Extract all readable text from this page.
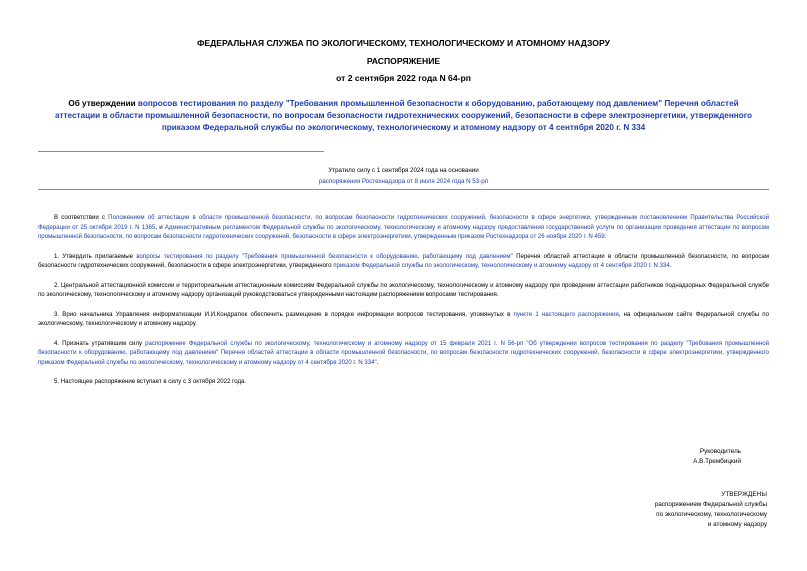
ФЕДЕРАЛЬНАЯ СЛУЖБА ПО ЭКОЛОГИЧЕСКОМУ, ТЕХНОЛОГИЧЕСКОМУ И АТОМНОМУ НАДЗОРУ
РАСПОРЯЖЕНИЕ
от 2 сентября 2022 года N 64-рп
Об утверждении вопросов тестирования по разделу "Требования промышленной безопасности к оборудованию, работающему под давлением" Перечня областей аттестации в области промышленной безопасности, по вопросам безопасности гидротехнических сооружений, безопасности в сфере электроэнергетики, утвержденного приказом Федеральной службы по экологическому, технологическому и атомному надзору от 4 сентября 2020 г. N 334
Утратило силу с 1 сентября 2024 года на основании
распоряжения Ростехнадзора от 8 июля 2024 года N 53-рп

В соответствии с Положением об аттестации в области промышленной безопасности, по вопросам безопасности гидротехнических сооружений, безопасности в сфере энергетики, утвержденным постановлением Правительства Российской Федерации от 25 октября 2019 г. N 1365, и Административным регламентом Федеральной службы по экологическому, технологическому и атомному надзору предоставления государственной услуги по организации проведения аттестации по вопросам промышленной безопасности, по вопросам безопасности гидротехнических сооружений, безопасности в сфере электроэнергетики, утвержденным приказом Ростехнадзора от 26 ноября 2020 г. N 459:

1. Утвердить прилагаемые вопросы тестирования по разделу "Требования промышленной безопасности к оборудованию, работающему под давлением" Перечня областей аттестации в области промышленной безопасности, по вопросам безопасности гидротехнических сооружений, безопасности в сфере электроэнергетики, утвержденного приказом Федеральной службы по экологическому, технологическому и атомному надзору от 4 сентября 2020 г. N 334.

2. Центральной аттестационной комиссии и территориальным аттестационным комиссиям Федеральной службы по экологическому, технологическому и атомному надзору при проведении аттестации работников поднадзорных Федеральной службе по экологическому, технологическому и атомному надзору организаций руководствоваться утвержденными настоящим распоряжением вопросами тестирования.

3. Врио начальника Управления информатизации И.И.Кондратюк обеспечить размещение в порядке информации вопросов тестирования, упомянутых в пункте 1 настоящего распоряжения, на официальном сайте Федеральной службы по экологическому, технологическому и атомному надзору.

4. Признать утратившим силу распоряжение Федеральной службы по экологическому, технологическому и атомному надзору от 15 февраля 2021 г. N 56-рп "Об утверждении вопросов тестирования по разделу "Требования промышленной безопасности к оборудованию, работающему под давлением" Перечня областей аттестации в области промышленной безопасности, по вопросам безопасности гидротехнических сооружений, безопасности в сфере электроэнергетики, утвержденного приказом Федеральной службы по экологическому, технологическому и атомному надзору от 4 сентября 2020 г. N 334".

5. Настоящее распоряжение вступает в силу с 3 октября 2022 года.

Руководитель
А.В.Трембицкий
УТВЕРЖДЕНЫ
распоряжением Федеральной службы
по экологическому, технологическому
и атомному надзору
